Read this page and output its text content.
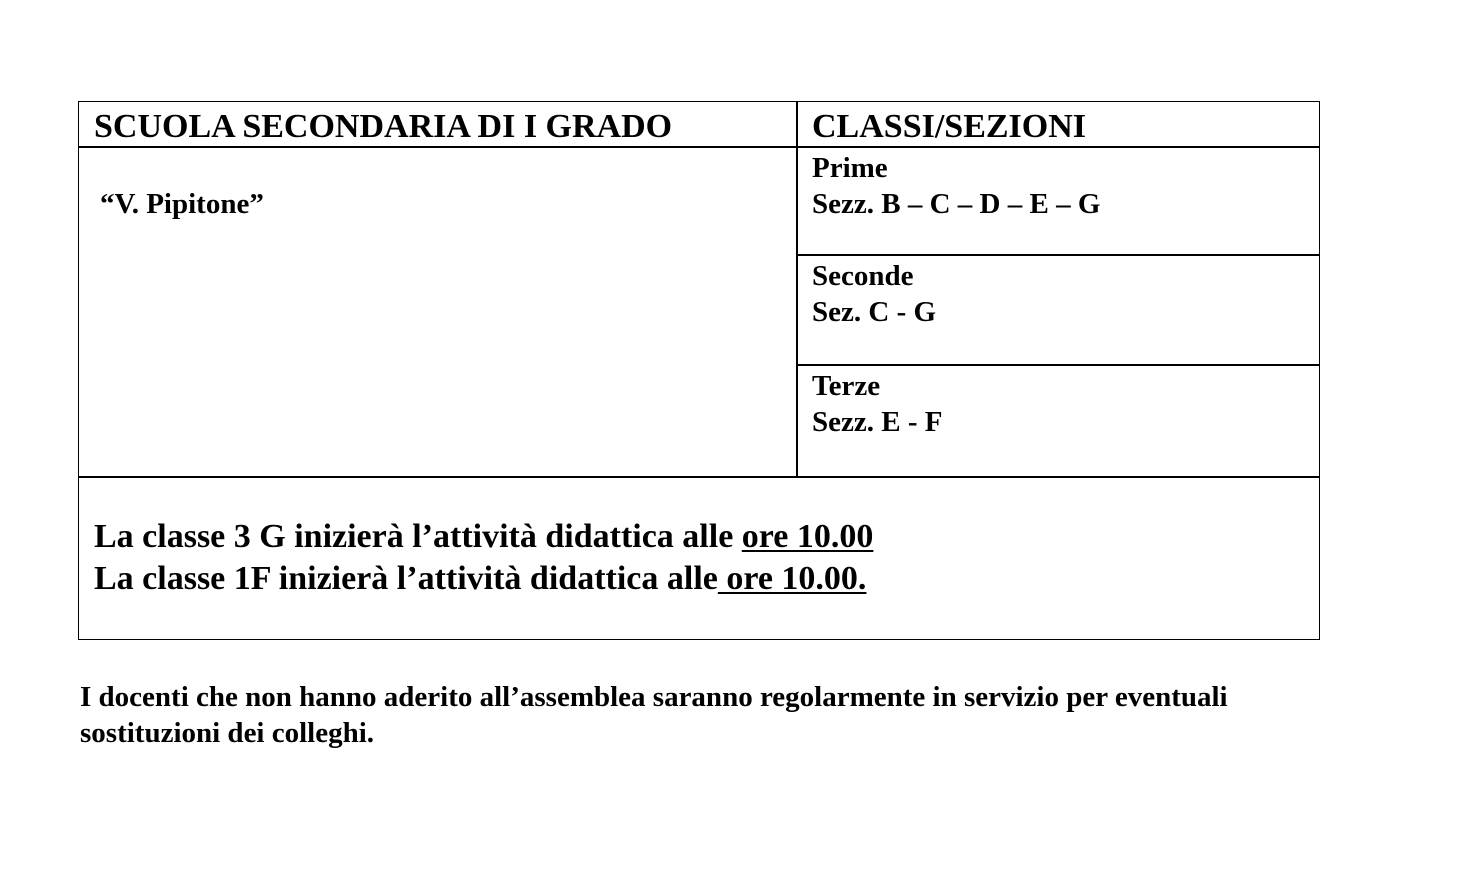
SCUOLA SECONDARIA DI I GRADO	CLASSI/SEZIONI
“V. Pipitone”
Prime
Sezz. B – C – D – E – G
Seconde
Sez. C - G
Terze
Sezz. E - F
La classe 3 G inizierà l’attività didattica alle ore 10.00
La classe 1F inizierà l’attività didattica alle ore 10.00.
I docenti che non hanno aderito all’assemblea saranno regolarmente in servizio per eventuali sostituzioni dei colleghi.
